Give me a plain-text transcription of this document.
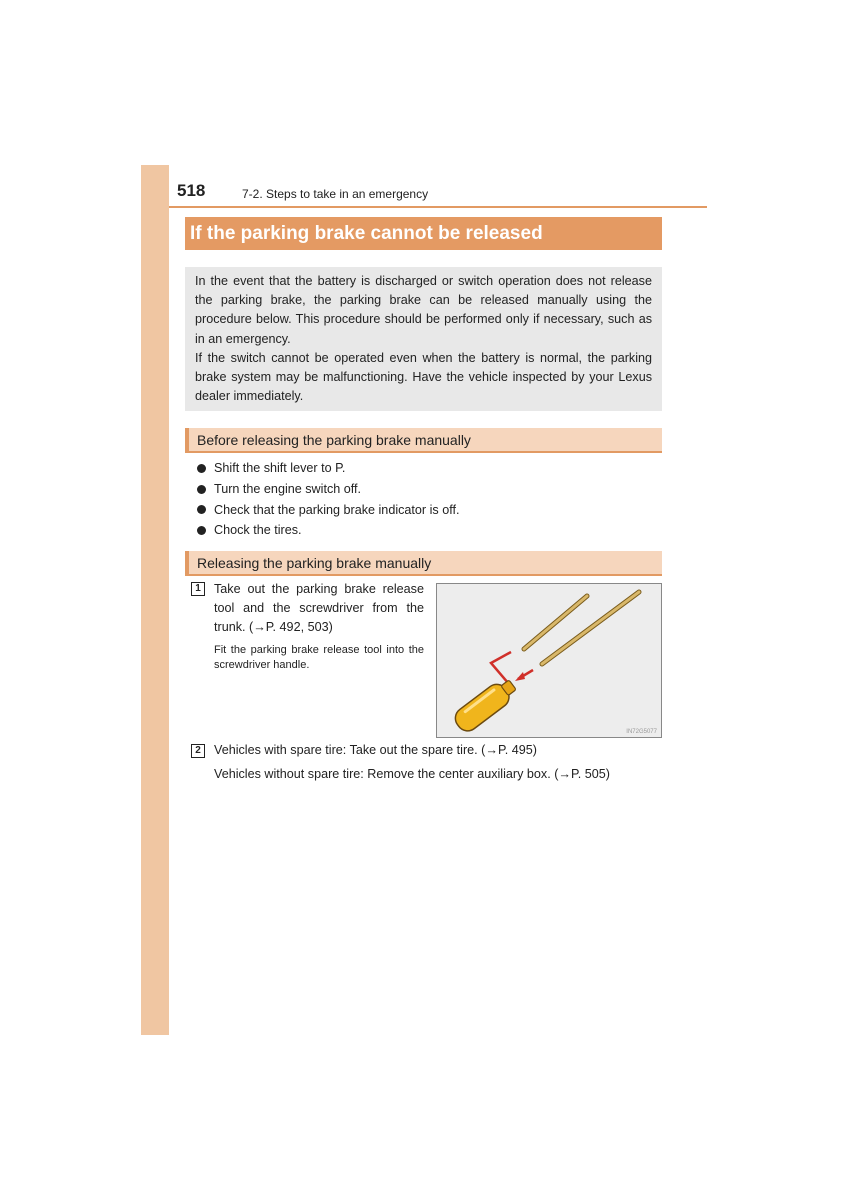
518	7-2. Steps to take in an emergency
If the parking brake cannot be released

In the event that the battery is discharged or switch operation does not release the parking brake, the parking brake can be released manually using the procedure below. This procedure should be performed only if necessary, such as in an emergency.

If the switch cannot be operated even when the battery is normal, the parking brake system may be malfunctioning. Have the vehicle inspected by your Lexus dealer immediately.

Before releasing the parking brake manually
Shift the shift lever to P.
Turn the engine switch off.
Check that the parking brake indicator is off.
Chock the tires.
Releasing the parking brake manually
1	Take out the parking brake release tool and the screwdriver from the trunk. (→P. 492, 503)
Fit the parking brake release tool into the screwdriver handle.
IN72G5077
2	Vehicles with spare tire: Take out the spare tire. (→P. 495)
Vehicles without spare tire: Remove the center auxiliary box. (→P. 505)
